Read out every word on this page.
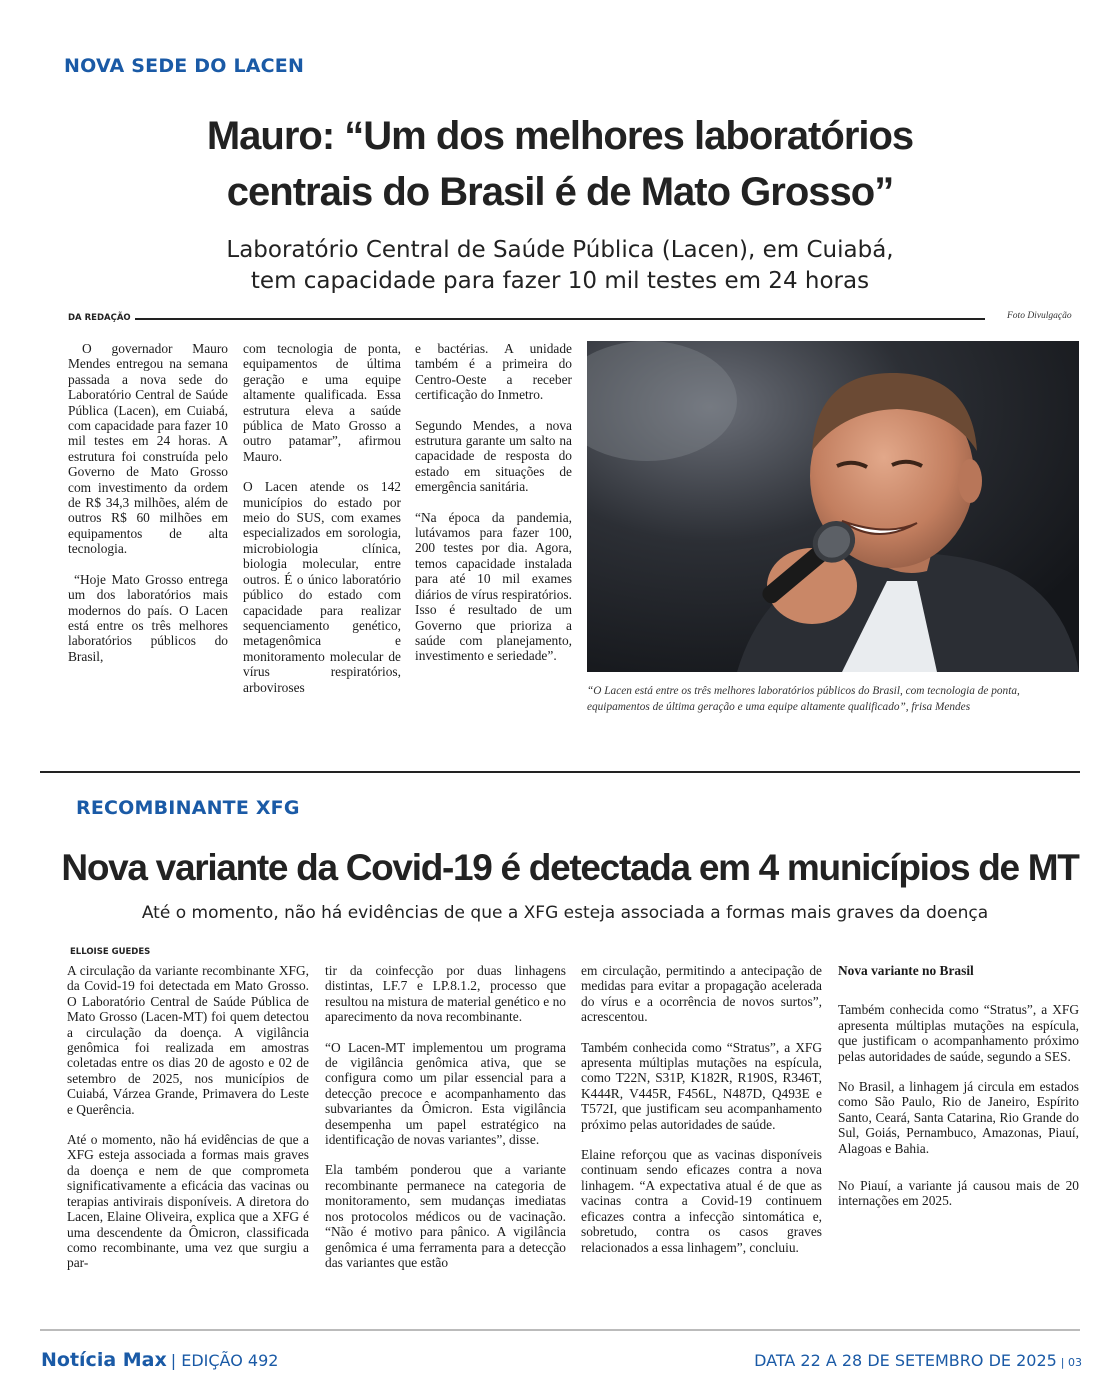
NOVA SEDE DO LACEN
Mauro: “Um dos melhores laboratórios
centrais do Brasil é de Mato Grosso”
Laboratório Central de Saúde Pública (Lacen), em Cuiabá,
tem capacidade para fazer 10 mil testes em 24 horas
DA REDAÇÃO	Foto Divulgação

O governador Mauro Mendes entregou na semana passada a nova sede do Laboratório Central de Saúde Pública (Lacen), em Cuiabá, com capacidade para fazer 10 mil testes em 24 horas. A estrutura foi construída pelo Governo de Mato Grosso com investimento da ordem de R$ 34,3 milhões, além de outros R$ 60 milhões em equipamentos de alta tecnologia.

“Hoje Mato Grosso entrega um dos laboratórios mais modernos do país. O Lacen está entre os três melhores laboratórios públicos do Brasil,

com tecnologia de ponta, equipamentos de última geração e uma equipe altamente qualificada. Essa estrutura eleva a saúde pública de Mato Grosso a outro patamar”, afirmou Mauro.

O Lacen atende os 142 municípios do estado por meio do SUS, com exames especializados em sorologia, microbiologia clínica, biologia molecular, entre outros. É o único laboratório público do estado com capacidade para realizar sequenciamento genético, metagenômica e monitoramento molecular de vírus respiratórios, arboviroses

e bactérias. A unidade também é a primeira do Centro-Oeste a receber certificação do Inmetro.

Segundo Mendes, a nova estrutura garante um salto na capacidade de resposta do estado em situações de emergência sanitária.

“Na época da pandemia, lutávamos para fazer 100, 200 testes por dia. Agora, temos capacidade instalada para até 10 mil exames diários de vírus respiratórios. Isso é resultado de um Governo que prioriza a saúde com planejamento, investimento e seriedade”.

“O Lacen está entre os três melhores laboratórios públicos do Brasil, com tecnologia de ponta, equipamentos de última geração e uma equipe altamente qualificado”, frisa Mendes
RECOMBINANTE XFG
Nova variante da Covid-19 é detectada em 4 municípios de MT
Até o momento, não há evidências de que a XFG esteja associada a formas mais graves da doença
ELLOISE GUEDES

A circulação da variante recombinante XFG, da Covid-19 foi detectada em Mato Grosso. O Laboratório Central de Saúde Pública de Mato Grosso (Lacen-MT) foi quem detectou a circulação da doença. A vigilância genômica foi realizada em amostras coletadas entre os dias 20 de agosto e 02 de setembro de 2025, nos municípios de Cuiabá, Várzea Grande, Primavera do Leste e Querência.

Até o momento, não há evidências de que a XFG esteja associada a formas mais graves da doença e nem de que comprometa significativamente a eficácia das vacinas ou terapias antivirais disponíveis. A diretora do Lacen, Elaine Oliveira, explica que a XFG é uma descendente da Ômicron, classificada como recombinante, uma vez que surgiu a par-

tir da coinfecção por duas linhagens distintas, LF.7 e LP.8.1.2, processo que resultou na mistura de material genético e no aparecimento da nova recombinante.

“O Lacen-MT implementou um programa de vigilância genômica ativa, que se configura como um pilar essencial para a detecção precoce e acompanhamento das subvariantes da Ômicron. Esta vigilância desempenha um papel estratégico na identificação de novas variantes”, disse.

Ela também ponderou que a variante recombinante permanece na categoria de monitoramento, sem mudanças imediatas nos protocolos médicos ou de vacinação. “Não é motivo para pânico. A vigilância genômica é uma ferramenta para a detecção das variantes que estão

em circulação, permitindo a antecipação de medidas para evitar a propagação acelerada do vírus e a ocorrência de novos surtos”, acrescentou.

Também conhecida como “Stratus”, a XFG apresenta múltiplas mutações na espícula, como T22N, S31P, K182R, R190S, R346T, K444R, V445R, F456L, N487D, Q493E e T572I, que justificam seu acompanhamento próximo pelas autoridades de saúde.

Elaine reforçou que as vacinas disponíveis continuam sendo eficazes contra a nova linhagem. “A expectativa atual é de que as vacinas contra a Covid-19 continuem eficazes contra a infecção sintomática e, sobretudo, contra os casos graves relacionados a essa linhagem”, concluiu.

Nova variante no Brasil

Também conhecida como “Stratus”, a XFG apresenta múltiplas mutações na espícula, que justificam o acompanhamento próximo pelas autoridades de saúde, segundo a SES.

No Brasil, a linhagem já circula em estados como São Paulo, Rio de Janeiro, Espírito Santo, Ceará, Santa Catarina, Rio Grande do Sul, Goiás, Pernambuco, Amazonas, Piauí, Alagoas e Bahia.

No Piauí, a variante já causou mais de 20 internações em 2025.

Notícia Max | EDIÇÃO 492	DATA 22 A 28 DE SETEMBRO DE 2025 | 03
